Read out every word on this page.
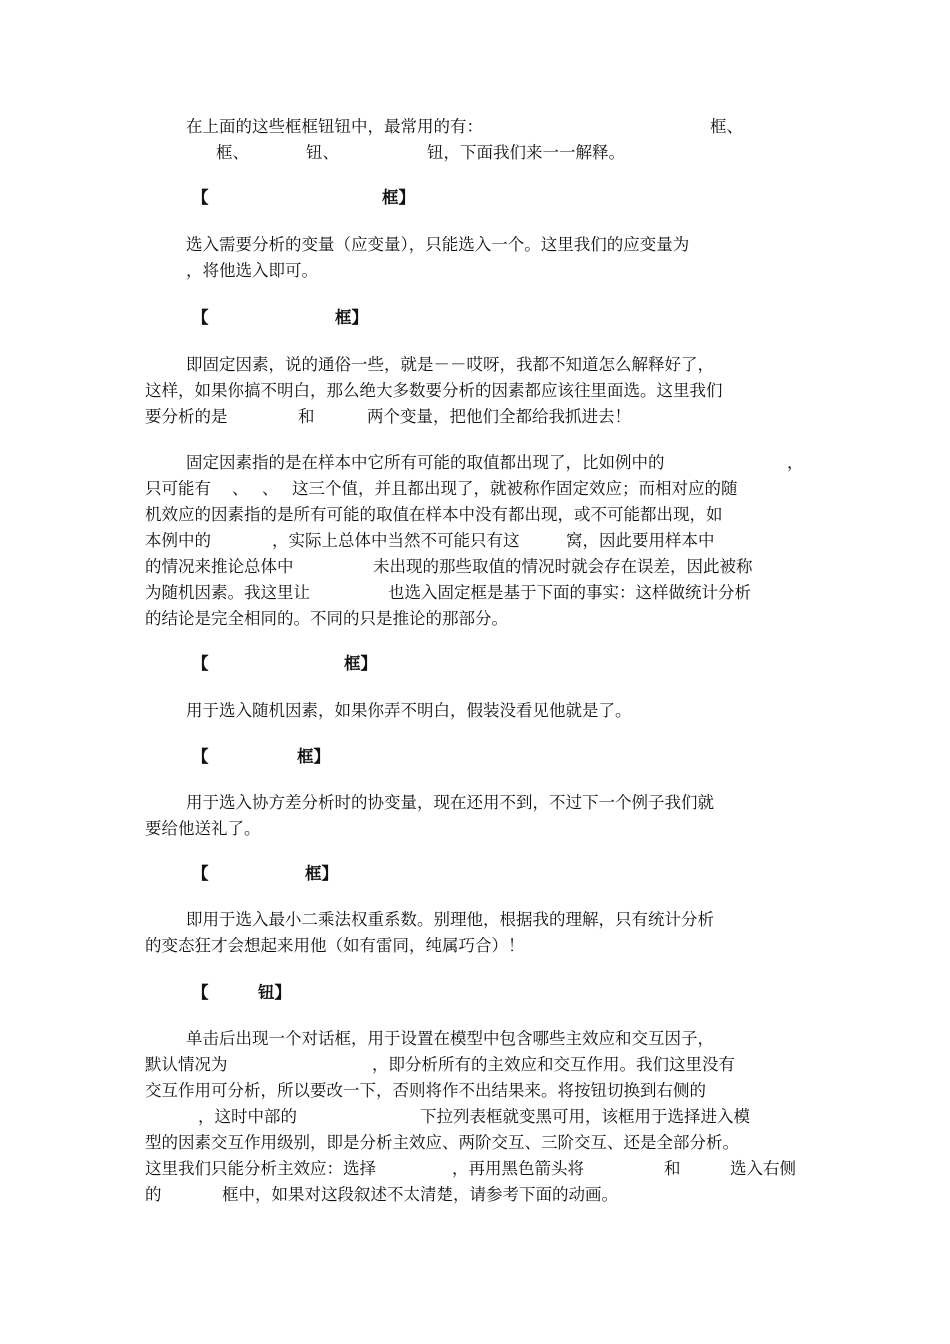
在上面的这些框框钮钮中，最常用的有：	框、
框、	钮、	钮，下面我们来一一解释。
【	框】
选入需要分析的变量（应变量），只能选入一个。这里我们的应变量为
，将他选入即可。
【	框】
即固定因素，说的通俗一些，就是－－哎呀，我都不知道怎么解释好了，
这样，如果你搞不明白，那么绝大多数要分析的因素都应该往里面选。这里我们
要分析的是	和	两个变量，把他们全都给我抓进去！
固定因素指的是在样本中它所有可能的取值都出现了，比如例中的	，
只可能有 、 、 这三个值，并且都出现了，就被称作固定效应；而相对应的随
机效应的因素指的是所有可能的取值在样本中没有都出现，或不可能都出现，如
本例中的	，实际上总体中当然不可能只有这	窝，因此要用样本中
的情况来推论总体中	未出现的那些取值的情况时就会存在误差，因此被称
为随机因素。我这里让	也选入固定框是基于下面的事实：这样做统计分析
的结论是完全相同的。不同的只是推论的那部分。
【	框】
用于选入随机因素，如果你弄不明白，假装没看见他就是了。
【	框】
用于选入协方差分析时的协变量，现在还用不到，不过下一个例子我们就
要给他送礼了。
【	框】
即用于选入最小二乘法权重系数。别理他，根据我的理解，只有统计分析
的变态狂才会想起来用他（如有雷同，纯属巧合）！
【	钮】
单击后出现一个对话框，用于设置在模型中包含哪些主效应和交互因子，
默认情况为	，即分析所有的主效应和交互作用。我们这里没有
交互作用可分析，所以要改一下，否则将作不出结果来。将按钮切换到右侧的
，这时中部的	下拉列表框就变黑可用，该框用于选择进入模
型的因素交互作用级别，即是分析主效应、两阶交互、三阶交互、还是全部分析。
这里我们只能分析主效应：选择	，再用黑色箭头将	和	选入右侧
的	框中，如果对这段叙述不太清楚，请参考下面的动画。
